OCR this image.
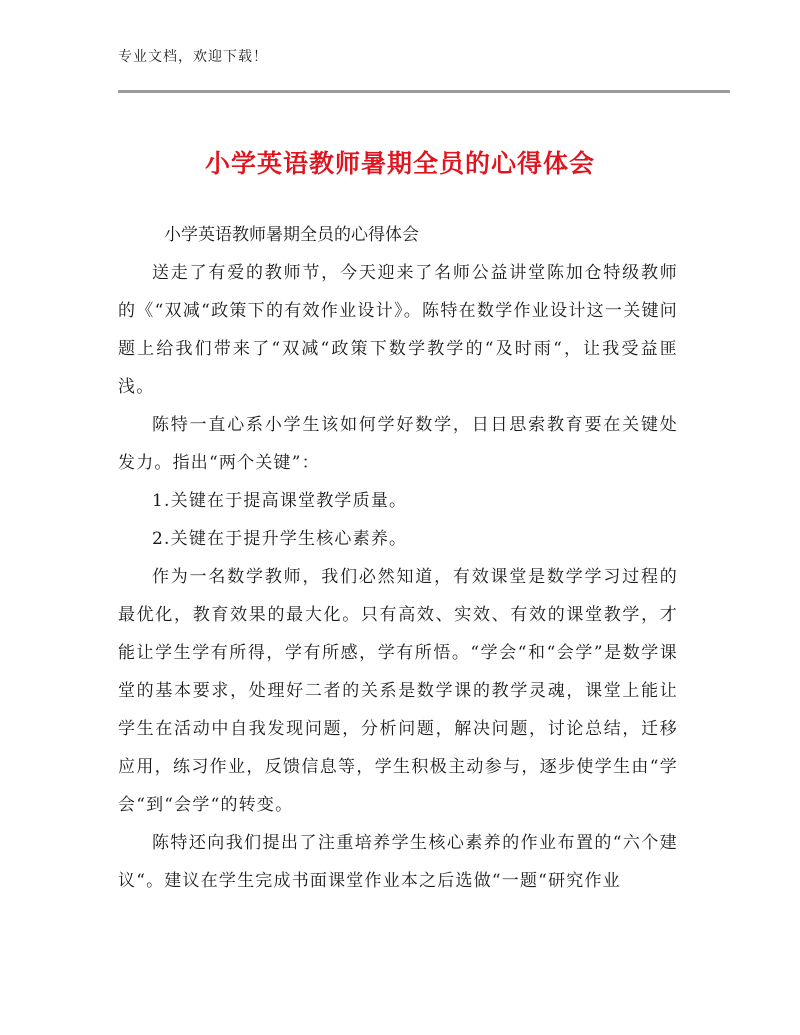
专业文档，欢迎下载！
小学英语教师暑期全员的心得体会

小学英语教师暑期全员的心得体会

送走了有爱的教师节，今天迎来了名师公益讲堂陈加仓特级教师的《“双减“政策下的有效作业设计》。陈特在数学作业设计这一关键问题上给我们带来了“双减“政策下数学教学的“及时雨“，让我受益匪浅。

陈特一直心系小学生该如何学好数学，日日思索教育要在关键处发力。指出“两个关键”：

1.关键在于提高课堂教学质量。

2.关键在于提升学生核心素养。

作为一名数学教师，我们必然知道，有效课堂是数学学习过程的最优化，教育效果的最大化。只有高效、实效、有效的课堂教学，才能让学生学有所得，学有所感，学有所悟。“学会“和“会学”是数学课堂的基本要求，处理好二者的关系是数学课的教学灵魂，课堂上能让学生在活动中自我发现问题，分析问题，解决问题，讨论总结，迁移应用，练习作业，反馈信息等，学生积极主动参与，逐步使学生由“学会“到“会学“的转变。

陈特还向我们提出了注重培养学生核心素养的作业布置的“六个建议“。建议在学生完成书面课堂作业本之后选做“一题“研究作业
